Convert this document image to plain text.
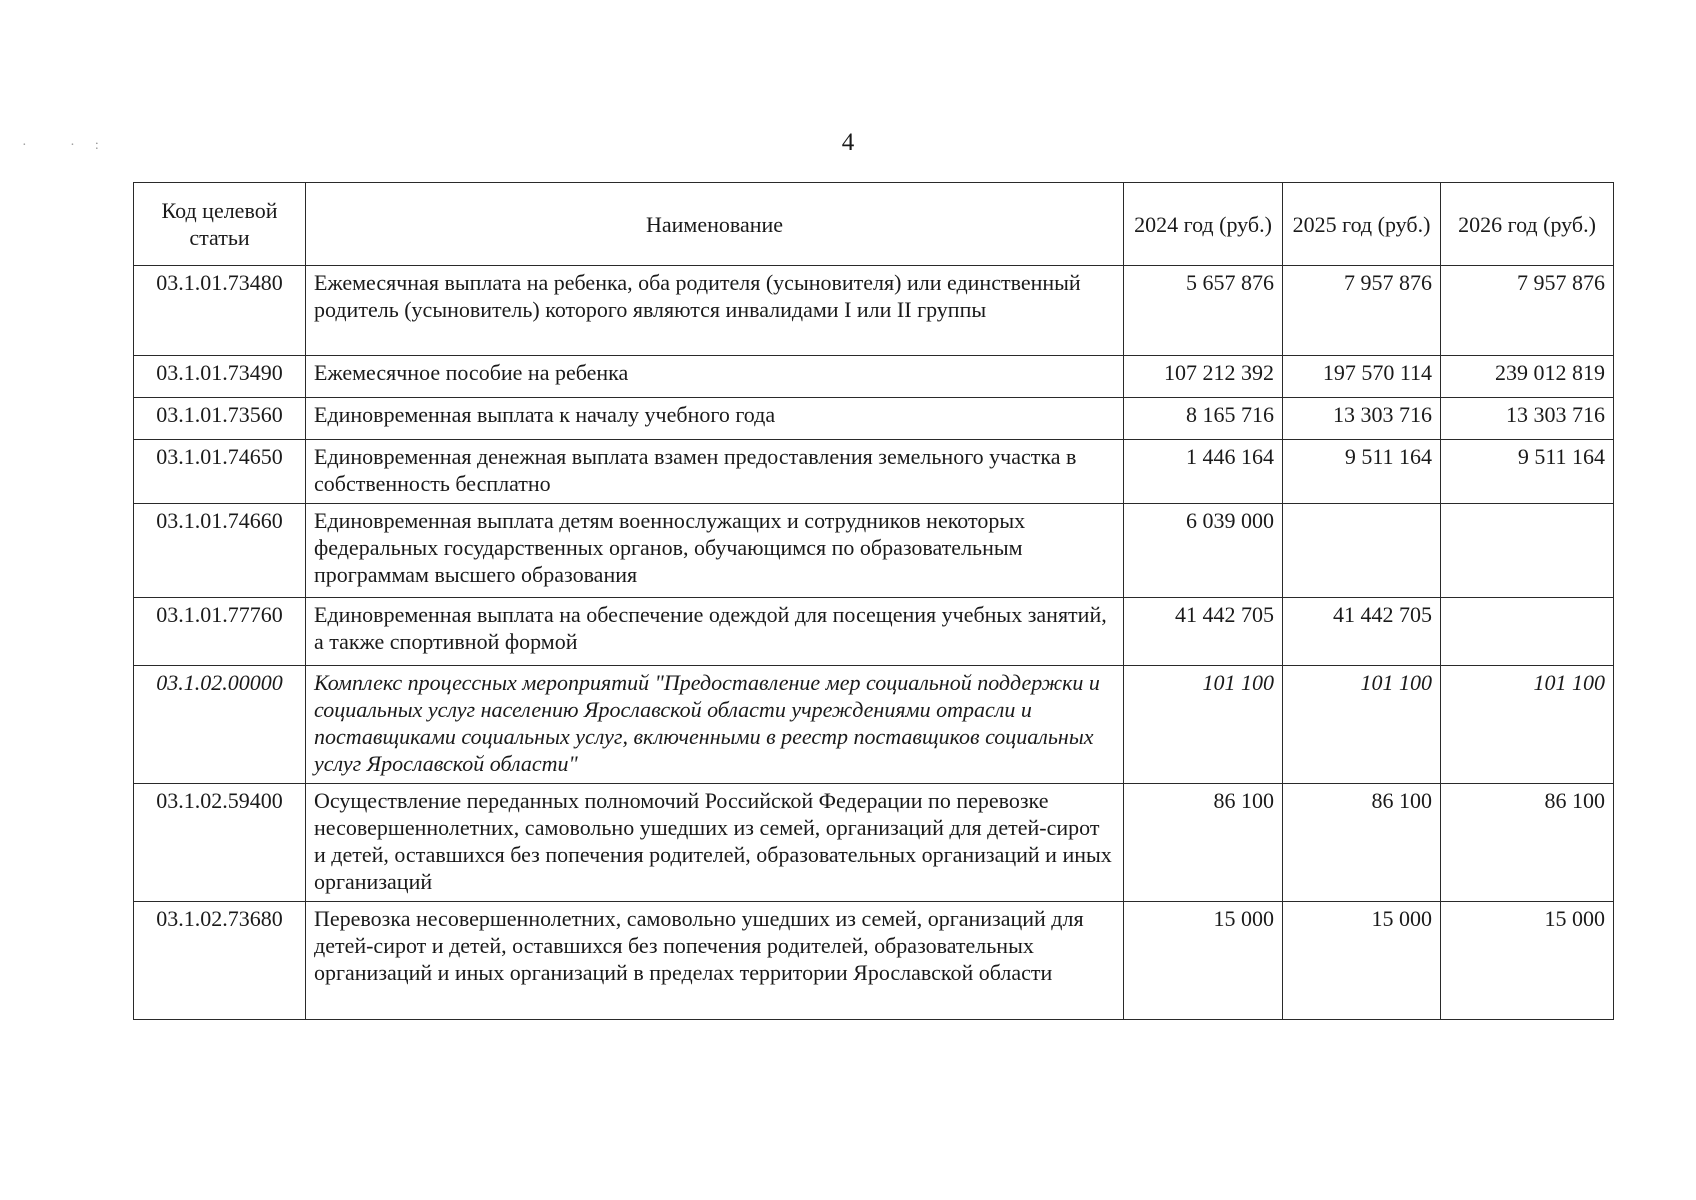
· ·:	4
Код целевой статьи	Наименование	2024 год (руб.)	2025 год (руб.)	2026 год (руб.)
03.1.01.73480	Ежемесячная выплата на ребенка, оба родителя (усыновителя) или единственный родитель (усыновитель) которого являются инвалидами I или II группы	5 657 876	7 957 876	7 957 876
03.1.01.73490	Ежемесячное пособие на ребенка	107 212 392	197 570 114	239 012 819
03.1.01.73560	Единовременная выплата к началу учебного года	8 165 716	13 303 716	13 303 716
03.1.01.74650	Единовременная денежная выплата взамен предоставления земельного участка в собственность бесплатно	1 446 164	9 511 164	9 511 164
03.1.01.74660	Единовременная выплата детям военнослужащих и сотрудников некоторых федеральных государственных органов, обучающимся по образовательным программам высшего образования	6 039 000		
03.1.01.77760	Единовременная выплата на обеспечение одеждой для посещения учебных занятий, а также спортивной формой	41 442 705	41 442 705	
03.1.02.00000	Комплекс процессных мероприятий "Предоставление мер социальной поддержки и социальных услуг населению Ярославской области учреждениями отрасли и поставщиками социальных услуг, включенными в реестр поставщиков социальных услуг Ярославской области"	101 100	101 100	101 100
03.1.02.59400	Осуществление переданных полномочий Российской Федерации по перевозке несовершеннолетних, самовольно ушедших из семей, организаций для детей-сирот и детей, оставшихся без попечения родителей, образовательных организаций и иных организаций	86 100	86 100	86 100
03.1.02.73680	Перевозка несовершеннолетних, самовольно ушедших из семей, организаций для детей-сирот и детей, оставшихся без попечения родителей, образовательных организаций и иных организаций в пределах территории Ярославской области	15 000	15 000	15 000
